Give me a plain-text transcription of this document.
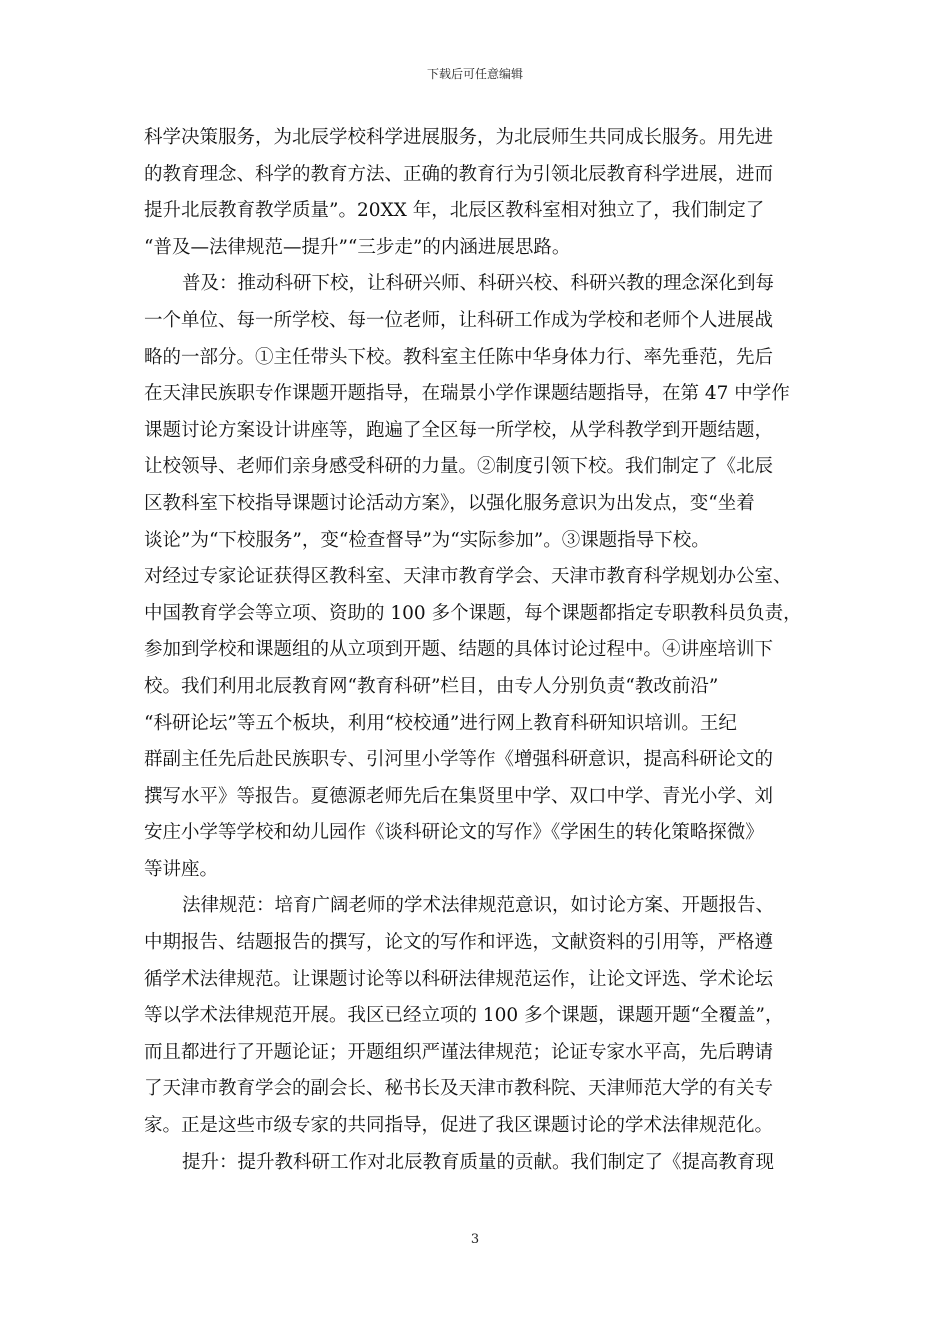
下载后可任意编辑

科学决策服务，为北辰学校科学进展服务，为北辰师生共同成长服务。用先进
的教育理念、科学的教育方法、正确的教育行为引领北辰教育科学进展，进而
提升北辰教育教学质量”。20XX 年，北辰区教科室相对独立了，我们制定了
“普及—法律规范—提升”“三步走”的内涵进展思路。

普及：推动科研下校，让科研兴师、科研兴校、科研兴教的理念深化到每
一个单位、每一所学校、每一位老师，让科研工作成为学校和老师个人进展战
略的一部分。①主任带头下校。教科室主任陈中华身体力行、率先垂范，先后
在天津民族职专作课题开题指导，在瑞景小学作课题结题指导，在第 47 中学作
课题讨论方案设计讲座等，跑遍了全区每一所学校，从学科教学到开题结题，
让校领导、老师们亲身感受科研的力量。②制度引领下校。我们制定了《北辰
区教科室下校指导课题讨论活动方案》，以强化服务意识为出发点，变“坐着
谈论”为“下校服务”，变“检查督导”为“实际参加”。③课题指导下校。
对经过专家论证获得区教科室、天津市教育学会、天津市教育科学规划办公室、
中国教育学会等立项、资助的 100 多个课题，每个课题都指定专职教科员负责，
参加到学校和课题组的从立项到开题、结题的具体讨论过程中。④讲座培训下
校。我们利用北辰教育网“教育科研”栏目，由专人分别负责“教改前沿”
“科研论坛”等五个板块，利用“校校通”进行网上教育科研知识培训。王纪
群副主任先后赴民族职专、引河里小学等作《增强科研意识，提高科研论文的
撰写水平》等报告。夏德源老师先后在集贤里中学、双口中学、青光小学、刘
安庄小学等学校和幼儿园作《谈科研论文的写作》《学困生的转化策略探微》
等讲座。

法律规范：培育广阔老师的学术法律规范意识，如讨论方案、开题报告、
中期报告、结题报告的撰写，论文的写作和评选，文献资料的引用等，严格遵
循学术法律规范。让课题讨论等以科研法律规范运作，让论文评选、学术论坛
等以学术法律规范开展。我区已经立项的 100 多个课题，课题开题“全覆盖”，
而且都进行了开题论证；开题组织严谨法律规范；论证专家水平高，先后聘请
了天津市教育学会的副会长、秘书长及天津市教科院、天津师范大学的有关专
家。正是这些市级专家的共同指导，促进了我区课题讨论的学术法律规范化。

提升：提升教科研工作对北辰教育质量的贡献。我们制定了《提高教育现

3
